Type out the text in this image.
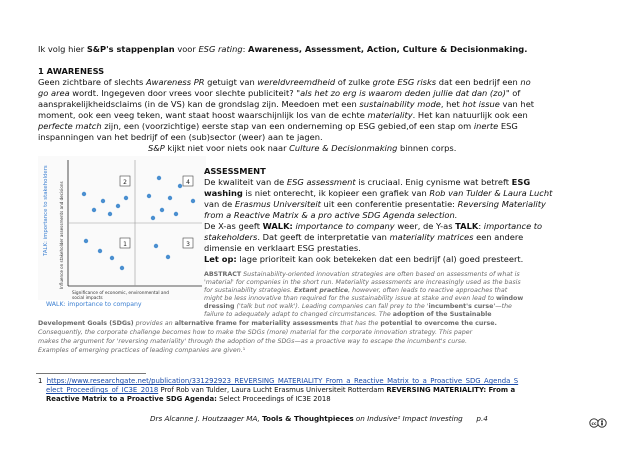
Ik volg hier S&P's stappenplan voor ESG rating: Awareness, Assessment, Action, Culture & Decisionmaking.
1 AWARENESS
Geen zichtbare of slechts Awareness PR getuigt van wereldvreemdheid of zulke grote ESG risks dat een bedrijf een no
go area wordt. Ingegeven door vrees voor slechte publiciteit? "als het zo erg is waarom deden jullie dat dan (zo)" of
aansprakelijkheidsclaims (in de VS) kan de grondslag zijn. Meedoen met een sustainability mode, het hot issue van het
moment, ook een veeg teken, want staat hoost waarschijnlijk los van de echte materiality. Het kan natuurlijk ook een
perfecte match zijn, een (voorzichtige) eerste stap van een onderneming op ESG gebied,of een stap om inerte ESG
inspanningen van het bedrijf of een (sub)sector (weer) aan te jagen.
S&P kijkt niet voor niets ook naar Culture & Decisionmaking binnen corps.
TALK: importance to stakeholders Influence on stakeholder assessments and decisions	2	4
1	3
Significance of economic, environmental and
social impacts
WALK: importance to company
ASSESSMENT
De kwaliteit van de ESG assessment is cruciaal. Enig cynisme wat betreft ESG
washing is niet onterecht, ik kopieer een grafiek van Rob van Tulder & Laura Lucht
van de Erasmus Universiteit uit een conferentie presentatie: Reversing Materiality
from a Reactive Matrix & a pro active SDG Agenda selection.
De X-as geeft WALK: importance to company weer, de Y-as TALK: importance to
stakeholders. Dat geeft de interpretatie van materiality matrices een andere
dimensie en verklaart ESG prestaties.
Let op: lage prioriteit kan ook betekeken dat een bedrijf (al) goed presteert.
ABSTRACT Sustainability-oriented innovation strategies are often based on assessments of what is
'material' for companies in the short run. Materiality assessments are increasingly used as the basis
for sustainability strategies. Extant practice, however, often leads to reactive approaches that
might be less innovative than required for the sustainability issue at stake and even lead to window
dressing ('talk but not walk'). Leading companies can fall prey to the 'incumbent's curse'—the
failure to adequately adapt to changed circumstances. The adoption of the Sustainable
Development Goals (SDGs) provides an alternative frame for materiality assessments that has the potential to overcome the curse.
Consequently, the corporate challenge becomes how to make the SDGs (more) material for the corporate innovation strategy. This paper
makes the argument for 'reversing materiality' through the adoption of the SDGs—as a proactive way to escape the incumbent's curse.
Examples of emerging practices of leading companies are given.¹
1 https://www.researchgate.net/publication/331292923_REVERSING_MATERIALITY_From_a_Reactive_Matrix_to_a_Proactive_SDG_Agenda_S
elect_Proceedings_of_IC3E_2018 Prof Rob van Tulder, Laura Lucht Erasmus Universiteit Rotterdam REVERSING MATERIALITY: From a
Reactive Matrix to a Proactive SDG Agenda: Select Proceedings of IC3E 2018
Drs Alcanne J. Houtzaager MA, Tools & Thoughtpieces on Indusive² Impact Investing p.4
cc
